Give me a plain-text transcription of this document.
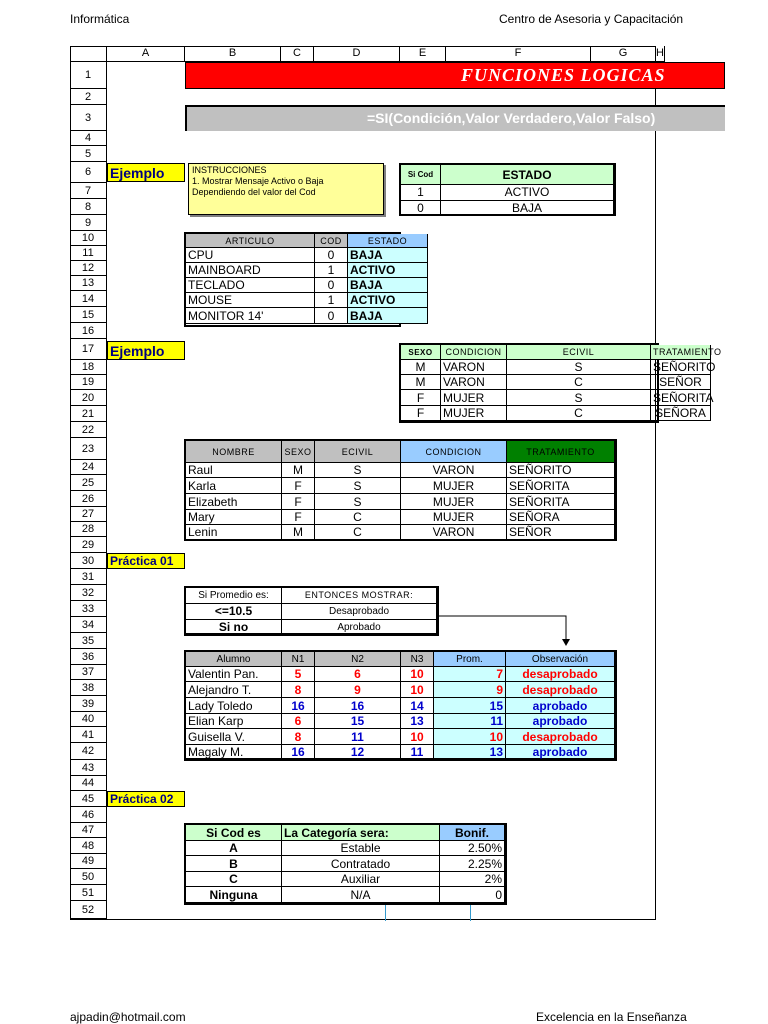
Informática	Centro de Asesoria y Capacitación
A	B	C	D	E	F	G	H
1
2
3
4
5
6
7
8
9
10
11
12
13
14
15
16
17
18
19
20
21
22
23
24
25
26
27
28
29
30
31
32
33
34
35
36
37
38
39
40
41
42
43
44
45
46
47
48
49
50
51
52
FUNCIONES LOGICAS
=SI(Condición,Valor Verdadero,Valor Falso)
Ejemplo	INSTRUCCIONES
1. Mostrar Mensaje Activo o Baja
Dependiendo del valor del Cod
Si Cod	ESTADO
1	ACTIVO
0	BAJA
ARTICULO	COD	ESTADO
CPU	0	BAJA
MAINBOARD	1	ACTIVO
TECLADO	0	BAJA
MOUSE	1	ACTIVO
MONITOR 14'	0	BAJA
Ejemplo	SEXO	CONDICION	ECIVIL	TRATAMIENTO
M	VARON	S	SEÑORITO
M	VARON	C	SEÑOR
F	MUJER	S	SEÑORITA
F	MUJER	C	SEÑORA
NOMBRE	SEXO	ECIVIL	CONDICION	TRATAMIENTO
Raul	M	S	VARON	SEÑORITO
Karla	F	S	MUJER	SEÑORITA
Elizabeth	F	S	MUJER	SEÑORITA
Mary	F	C	MUJER	SEÑORA
Lenin	M	C	VARON	SEÑOR
Práctica 01
Si Promedio es:	ENTONCES MOSTRAR:
<=10.5	Desaprobado
Si no	Aprobado
Alumno	N1	N2	N3	Prom.	Observación
Valentin Pan.	5	6	10	7	desaprobado
Alejandro T.	8	9	10	9	desaprobado
Lady Toledo	16	16	14	15	aprobado
Elian Karp	6	15	13	11	aprobado
Guisella V.	8	11	10	10	desaprobado
Magaly M.	16	12	11	13	aprobado
Práctica 02
Si Cod es	La Categoría sera:	Bonif.
A	Estable	2.50%
B	Contratado	2.25%
C	Auxiliar	2%
Ninguna	N/A	0
ajpadin@hotmail.com	Excelencia en la Enseñanza
